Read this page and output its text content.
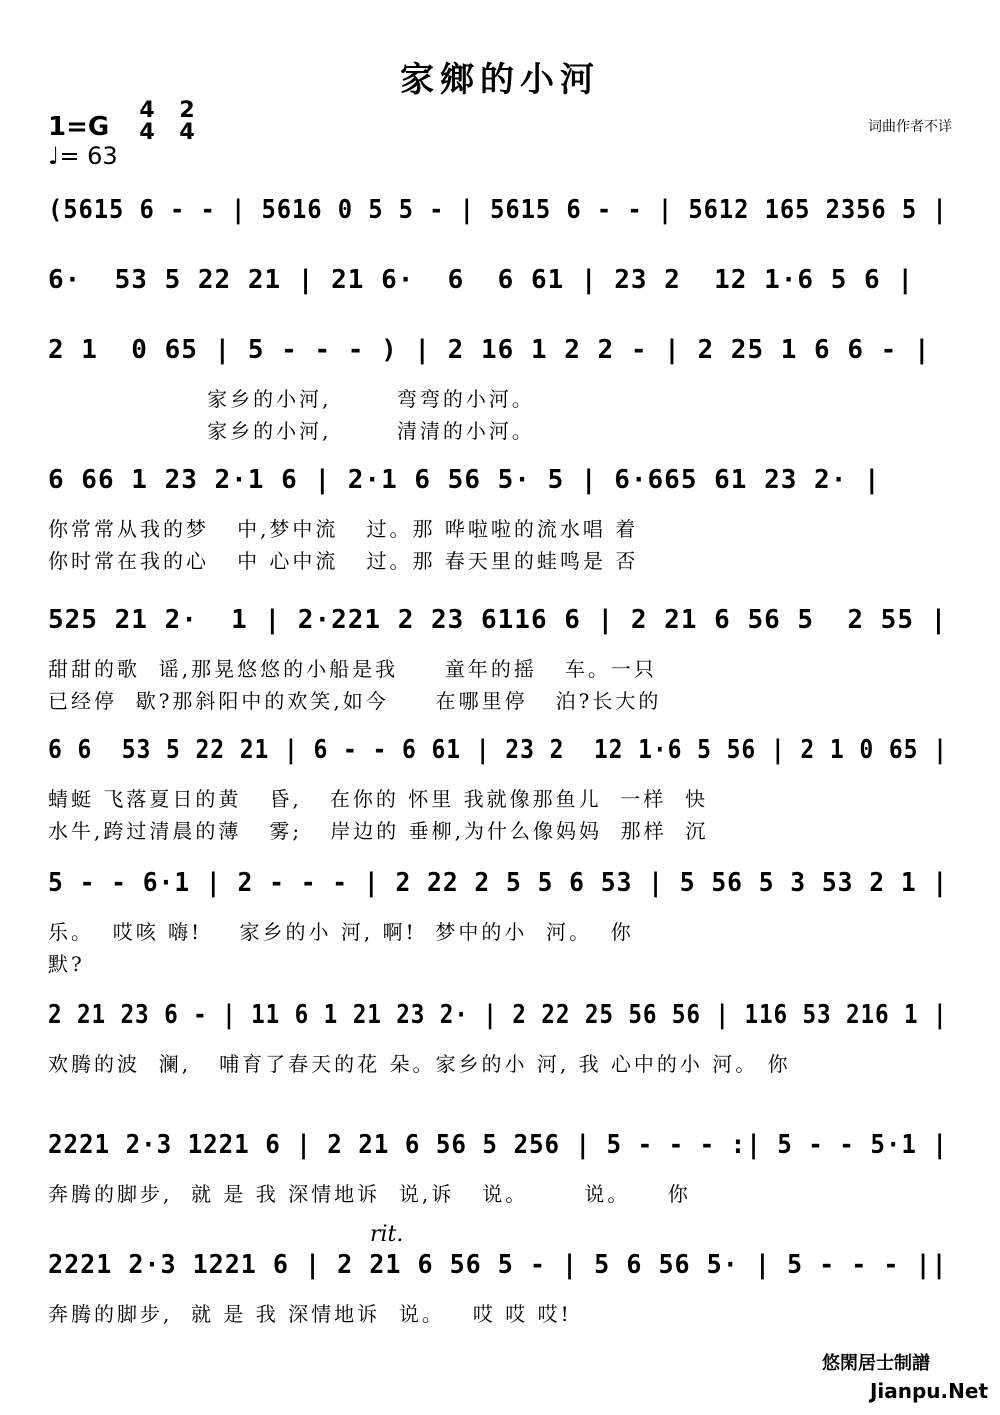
家鄉的小河
1=G
4
4
2
4
♩= 63
词曲作者不详
(5615 6 - - | 5616 0 5 5 - | 5615 6 - - | 5612 165 2356 5 |
6·  53 5 22 21 | 21 6·  6  6 61 | 23 2  12 1·6 5 6 |
2 1  0 65 | 5 - - - ) | 2 16 1 2 2 - | 2 25 1 6 6 - |
家乡的小河,       弯弯的小河。
家乡的小河,       清清的小河。
6 66 1 23 2·1 6 | 2·1 6 56 5· 5 | 6·665 61 23 2· |
你常常从我的梦   中,梦中流   过。那 哗啦啦的流水唱 着
你时常在我的心   中 心中流   过。那 春天里的蛙鸣是 否
525 21 2·  1 | 2·221 2 23 6116 6 | 2 21 6 56 5  2 55 |
甜甜的歌  谣,那晃悠悠的小船是我     童年的摇   车。一只
已经停  歇?那斜阳中的欢笑,如今     在哪里停   泊?长大的
6 6  53 5 22 21 | 6 - - 6 61 | 23 2  12 1·6 5 56 | 2 1 0 65 |
蜻蜓 飞落夏日的黄   昏,   在你的 怀里 我就像那鱼儿  一样  快
水牛,跨过清晨的薄   雾;   岸边的 垂柳,为什么像妈妈  那样  沉
5 - - 6·1 | 2 - - - | 2 22 2 5 5 6 53 | 5 56 5 3 53 2 1 |
乐。  哎咳 嗨!    家乡的小 河, 啊!  梦中的小  河。  你
默?
2 21 23 6 - | 11 6 1 21 23 2· | 2 22 25 56 56 | 116 53 216 1 |
欢腾的波  澜,   哺育了春天的花 朵。家乡的小 河, 我 心中的小 河。 你
2221 2·3 1221 6 | 2 21 6 56 5 256 | 5 - - - :| 5 - - 5·1 |
奔腾的脚步,  就 是 我 深情地诉  说,诉   说。      说。    你
2221 2·3 1221 6 | 2 21 6 56 5 - | 5 6 56 5· | 5 - - - ||
奔腾的脚步,  就 是 我 深情地诉  说。   哎 哎 哎!
rit.
悠閑居士制譜
Jianpu.Net
